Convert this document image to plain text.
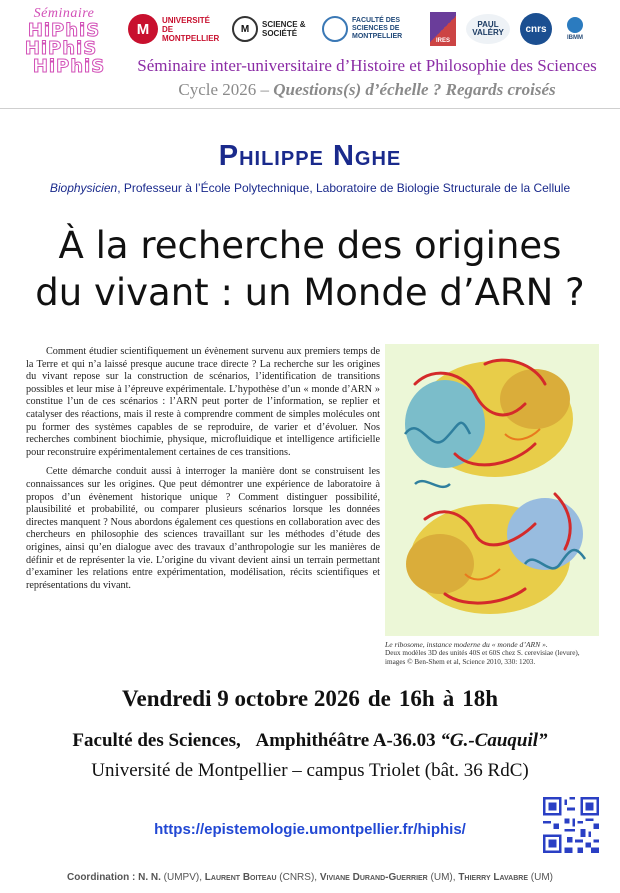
Séminaire
HiPhiS
HiPhiS
HiPhiS
M
UNIVERSITÉ DE MONTPELLIER
M	SCIENCE & SOCIÉTÉ
FACULTÉ DES SCIENCES DE MONTPELLIER
IRES
PAUL VALÉRY	cnrs
IBMM
Séminaire inter-universitaire d’Histoire et Philosophie des Sciences
Cycle 2026 – Questions(s) d’échelle ? Regards croisés
Philippe Nghe
Biophysicien, Professeur à l’École Polytechnique, Laboratoire de Biologie Structurale de la Cellule
À la recherche des origines
du vivant : un Monde d’ARN ?

Comment étudier scientifiquement un évènement survenu aux premiers temps de la Terre et qui n’a laissé presque aucune trace directe ? La recherche sur les origines du vivant repose sur la construction de scénarios, l’identification de transitions possibles et leur mise à l’épreuve expérimentale. L’hypothèse d’un « monde d’ARN » constitue l’un de ces scénarios : l’ARN peut porter de l’information, se replier et catalyser des réactions, mais il reste à comprendre comment de simples molécules ont pu former des systèmes capables de se reproduire, de varier et d’évoluer. Nos recherches combinent biochimie, physique, microfluidique et intelligence artificielle pour reconstruire expérimentalement certaines de ces transitions.

Cette démarche conduit aussi à interroger la manière dont se construisent les connaissances sur les origines. Que peut démontrer une expérience de laboratoire à propos d’un évènement historique unique ? Comment distinguer possibilité, plausibilité et probabilité, ou comparer plusieurs scénarios lorsque les données directes manquent ? Nous abordons également ces questions en collaboration avec des chercheurs en philosophie des sciences travaillant sur les méthodes d’étude des origines, ainsi qu’en dialogue avec des travaux d’anthropologie sur les manières de définir et de représenter la vie. L’origine du vivant devient ainsi un terrain permettant d’examiner les relations entre expérimentation, modélisation, récits scientifiques et représentations du vivant.

Le ribosome, instance moderne du « monde d’ARN ».
Deux modèles 3D des unités 40S et 60S chez S. cerevisiae (levure), images © Ben-Shem et al, Science 2010, 330: 1203.
Vendredi 9 octobre 2026 de 16h à 18h
Faculté des Sciences, Amphithéâtre A-36.03 “G.-Cauquil”
Université de Montpellier – campus Triolet (bât. 36 RdC)
https://epistemologie.umontpellier.fr/hiphis/
Coordination : N. N. (UMPV), Laurent Boiteau (CNRS), Viviane Durand-Guerrier (UM), Thierry Lavabre (UM)
